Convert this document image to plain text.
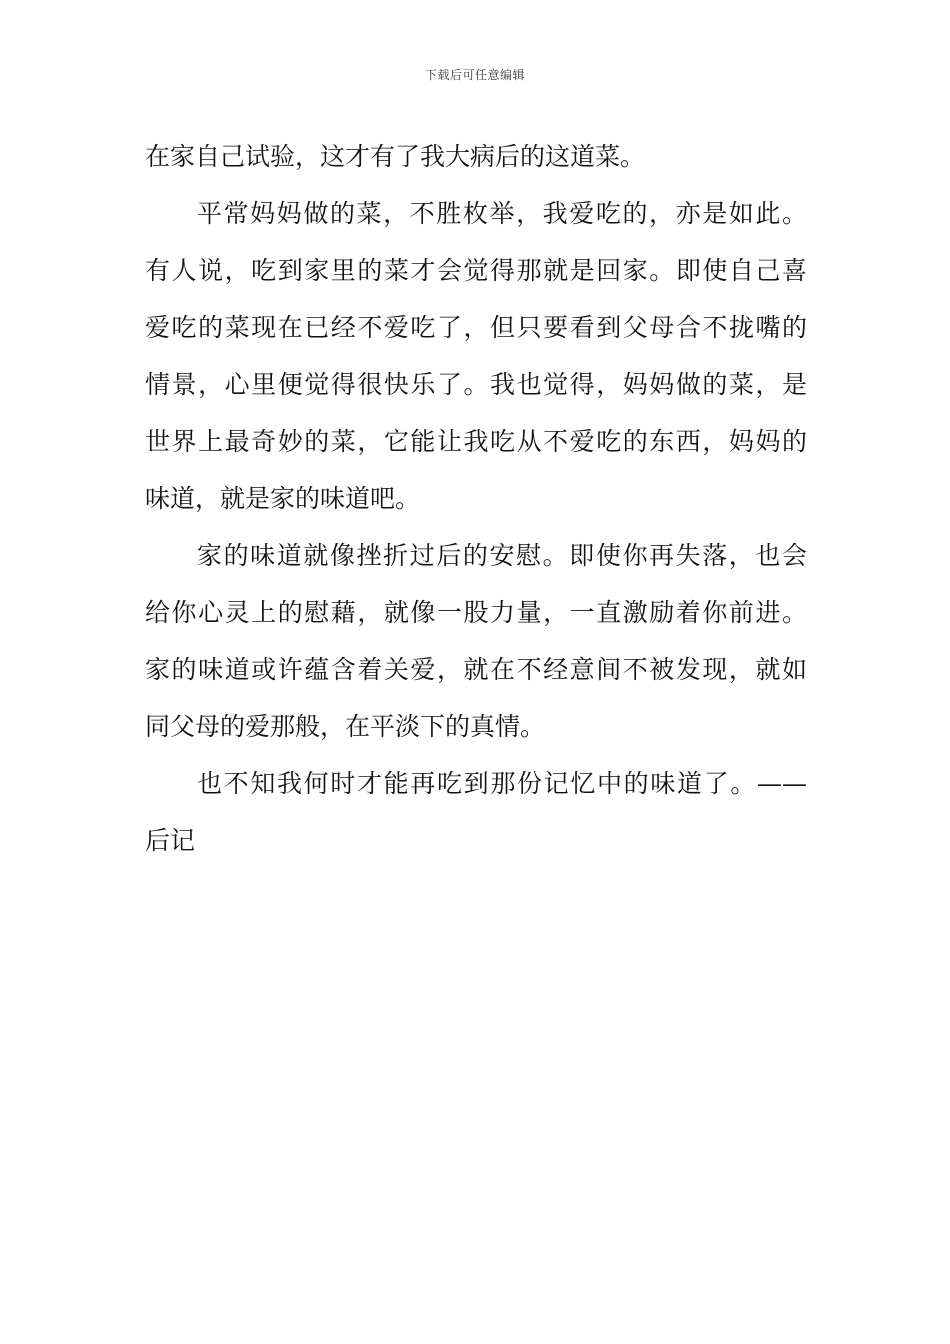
下载后可任意编辑
在家自己试验，这才有了我大病后的这道菜。
平常妈妈做的菜，不胜枚举，我爱吃的，亦是如此。
有人说，吃到家里的菜才会觉得那就是回家。即使自己喜
爱吃的菜现在已经不爱吃了，但只要看到父母合不拢嘴的
情景，心里便觉得很快乐了。我也觉得，妈妈做的菜，是
世界上最奇妙的菜，它能让我吃从不爱吃的东西，妈妈的
味道，就是家的味道吧。
家的味道就像挫折过后的安慰。即使你再失落，也会
给你心灵上的慰藉，就像一股力量，一直激励着你前进。
家的味道或许蕴含着关爱，就在不经意间不被发现，就如
同父母的爱那般，在平淡下的真情。
也不知我何时才能再吃到那份记忆中的味道了。——
后记
